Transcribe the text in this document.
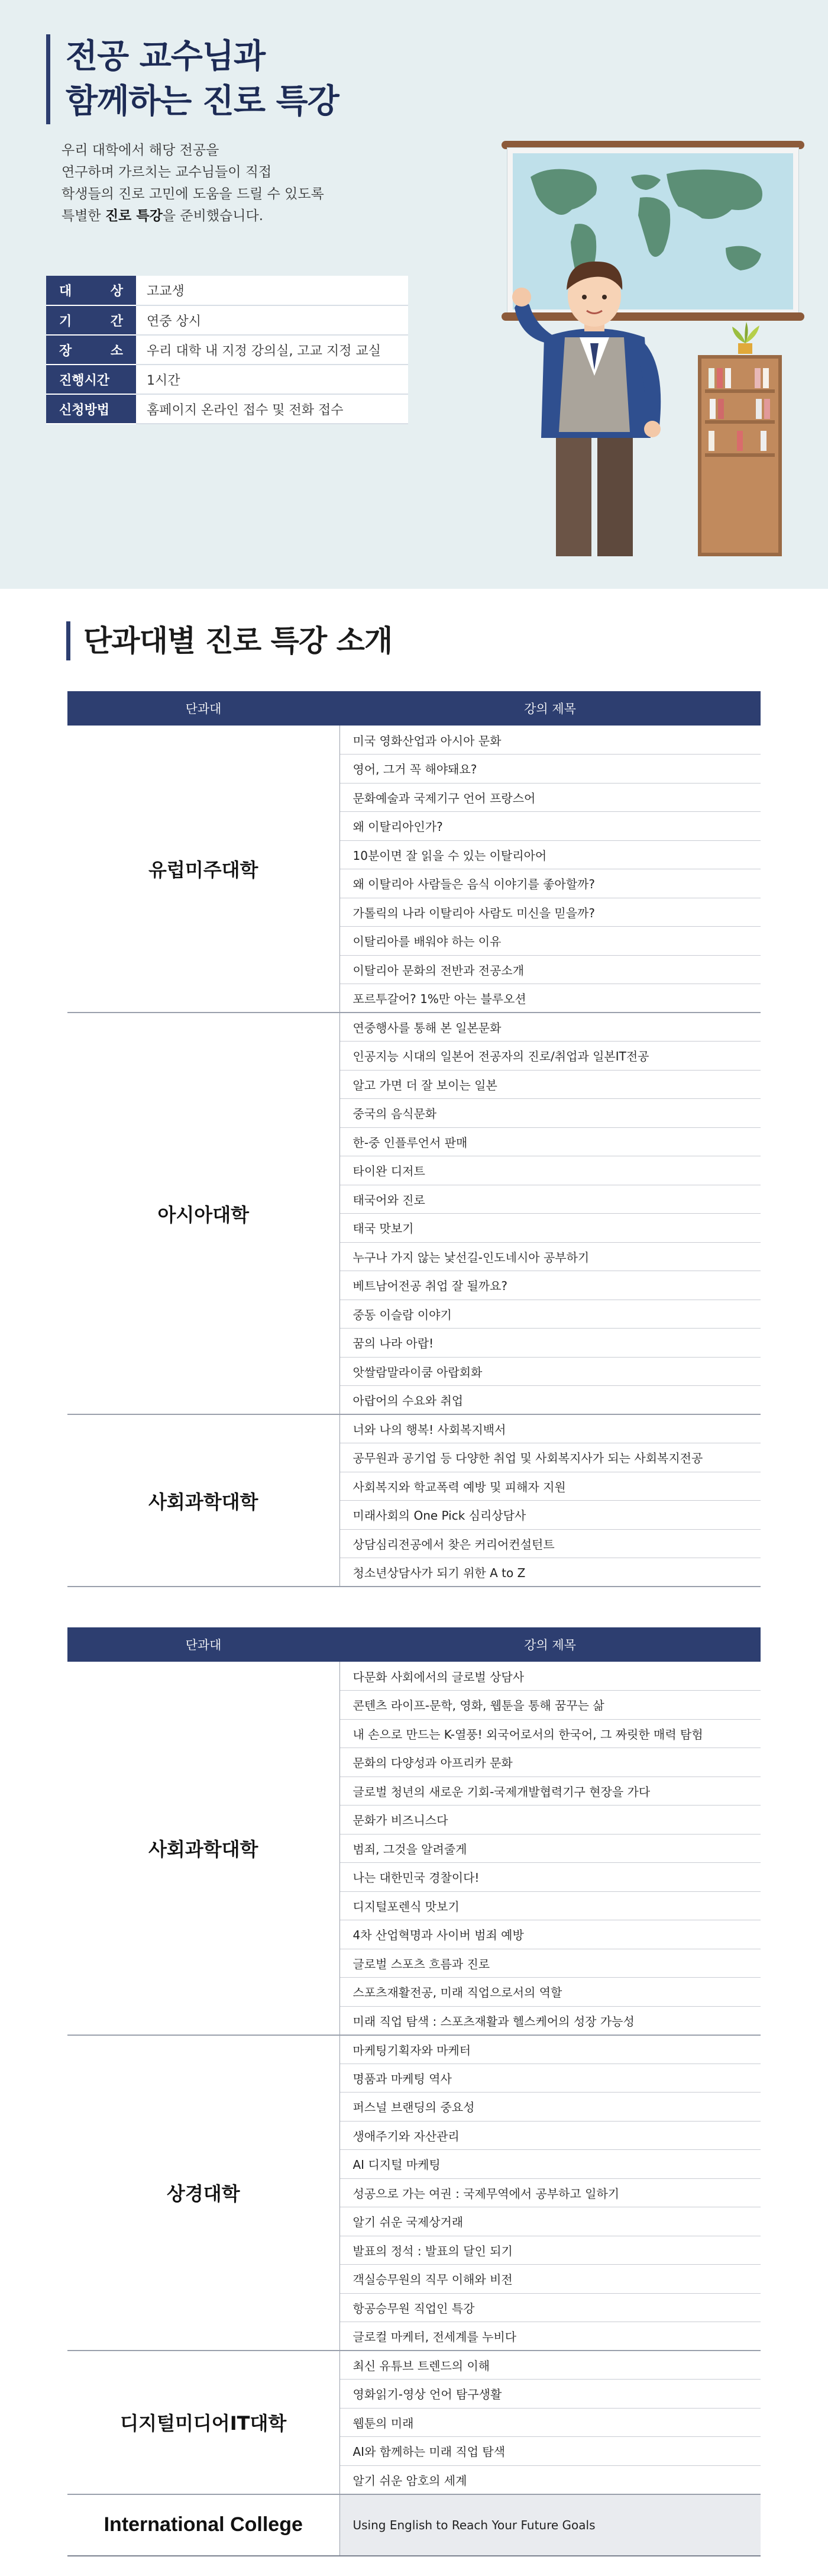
전공 교수님과
함께하는 진로 특강
우리 대학에서 해당 전공을
연구하며 가르치는 교수님들이 직접
학생들의 진로 고민에 도움을 드릴 수 있도록
특별한 진로 특강을 준비했습니다.
대 상	고교생
기 간	연중 상시
장 소	우리 대학 내 지정 강의실, 고교 지정 교실
진행시간	1시간
신청방법	홈페이지 온라인 접수 및 전화 접수
단과대별 진로 특강 소개
단과대	강의 제목
유럽미주대학	미국 영화산업과 아시아 문화
	영어, 그거 꼭 해야돼요?
	문화예술과 국제기구 언어 프랑스어
	왜 이탈리아인가?
	10분이면 잘 읽을 수 있는 이탈리아어
	왜 이탈리아 사람들은 음식 이야기를 좋아할까?
	가톨릭의 나라 이탈리아 사람도 미신을 믿을까?
	이탈리아를 배워야 하는 이유
	이탈리아 문화의 전반과 전공소개
	포르투갈어? 1%만 아는 블루오션
아시아대학	연중행사를 통해 본 일본문화
	인공지능 시대의 일본어 전공자의 진로/취업과 일본IT전공
	알고 가면 더 잘 보이는 일본
	중국의 음식문화
	한-중 인플루언서 판매
	타이완 디저트
	태국어와 진로
	태국 맛보기
	누구나 가지 않는 낯선길-인도네시아 공부하기
	베트남어전공 취업 잘 될까요?
	중동 이슬람 이야기
	꿈의 나라 아랍!
	앗쌀람말라이쿰 아랍회화
	아랍어의 수요와 취업
사회과학대학	너와 나의 행복! 사회복지백서
	공무원과 공기업 등 다양한 취업 및 사회복지사가 되는 사회복지전공
	사회복지와 학교폭력 예방 및 피해자 지원
	미래사회의 One Pick 심리상담사
	상담심리전공에서 찾은 커리어컨설턴트
	청소년상담사가 되기 위한 A to Z
단과대	강의 제목
사회과학대학	다문화 사회에서의 글로벌 상담사
	콘텐츠 라이프-문학, 영화, 웹툰을 통해 꿈꾸는 삶
	내 손으로 만드는 K-열풍! 외국어로서의 한국어, 그 짜릿한 매력 탐험
	문화의 다양성과 아프리카 문화
	글로벌 청년의 새로운 기회-국제개발협력기구 현장을 가다
	문화가 비즈니스다
	범죄, 그것을 알려줄게
	나는 대한민국 경찰이다!
	디지털포렌식 맛보기
	4차 산업혁명과 사이버 범죄 예방
	글로벌 스포츠 흐름과 진로
	스포츠재활전공, 미래 직업으로서의 역할
	미래 직업 탐색 : 스포츠재활과 헬스케어의 성장 가능성
상경대학	마케팅기획자와 마케터
	명품과 마케팅 역사
	퍼스널 브랜딩의 중요성
	생애주기와 자산관리
	AI 디지털 마케팅
	성공으로 가는 여권 : 국제무역에서 공부하고 일하기
	알기 쉬운 국제상거래
	발표의 정석 : 발표의 달인 되기
	객실승무원의 직무 이해와 비전
	항공승무원 직업인 특강
	글로컬 마케터, 전세계를 누비다
디지털미디어IT대학	최신 유튜브 트렌드의 이해
	영화읽기-영상 언어 탐구생활
	웹툰의 미래
	AI와 함께하는 미래 직업 탐색
	알기 쉬운 암호의 세계
International College	Using English to Reach Your Future Goals
